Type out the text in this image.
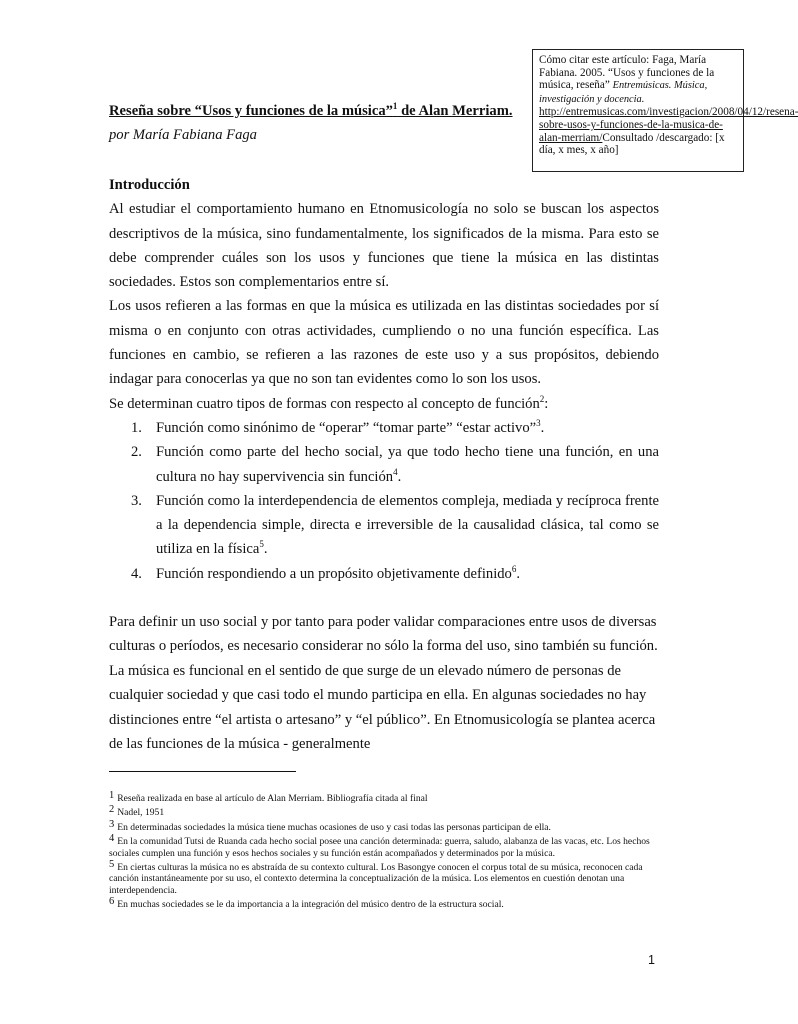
Cómo citar este artículo: Faga, María Fabiana. 2005. “Usos y funciones de la música, reseña” Entremúsicas. Música, investigación y docencia. http://entremusicas.com/investigacion/2008/04/12/resena-sobre-usos-y-funciones-de-la-musica-de-alan-merriam/Consultado /descargado: [x día, x mes, x año]
Reseña sobre “Usos y funciones de la música”$^1$ de Alan Merriam.
por María Fabiana Faga
Introducción

Al estudiar el comportamiento humano en Etnomusicología no solo se buscan los aspectos descriptivos de la música, sino fundamentalmente, los significados de la misma. Para esto se debe comprender cuáles son los usos y funciones que tiene la música en las distintas sociedades. Estos son complementarios entre sí.

Los usos refieren a las formas en que la música es utilizada en las distintas sociedades por sí misma o en conjunto con otras actividades, cumpliendo o no una función específica. Las funciones en cambio, se refieren a las razones de este uso y a sus propósitos, debiendo indagar para conocerlas ya que no son tan evidentes como lo son los usos.

Se determinan cuatro tipos de formas con respecto al concepto de función$^2$:

1. Función como sinónimo de “operar” “tomar parte” “estar activo”$^3$.
2. Función como parte del hecho social, ya que todo hecho tiene una función, en una cultura no hay supervivencia sin función$^4$.
3. Función como la interdependencia de elementos compleja, mediada y recíproca frente a la dependencia simple, directa e irreversible de la causalidad clásica, tal como se utiliza en la física$^5$.
4. Función respondiendo a un propósito objetivamente definido$^6$.

Para definir un uso social y por tanto para poder validar comparaciones entre usos de diversas culturas o períodos, es necesario considerar no sólo la forma del uso, sino también su función. La música es funcional en el sentido de que surge de un elevado número de personas de cualquier sociedad y que casi todo el mundo participa en ella. En algunas sociedades no hay distinciones entre “el artista o artesano” y “el público”. En Etnomusicología se plantea acerca de las funciones de la música - generalmente

1 Reseña realizada en base al artículo de Alan Merriam. Bibliografía citada al final

2 Nadel, 1951

3 En determinadas sociedades la música tiene muchas ocasiones de uso y casi todas las personas participan de ella.

4 En la comunidad Tutsi de Ruanda cada hecho social posee una canción determinada: guerra, saludo, alabanza de las vacas, etc. Los hechos sociales cumplen una función y esos hechos sociales y su función están acompañados y determinados por la música.

5 En ciertas culturas la música no es abstraída de su contexto cultural. Los Basongye conocen el corpus total de su música, reconocen cada canción instantáneamente por su uso, el contexto determina la conceptualización de la música. Los elementos en cuestión denotan una interdependencia.

6 En muchas sociedades se le da importancia a la integración del músico dentro de la estructura social.

1
